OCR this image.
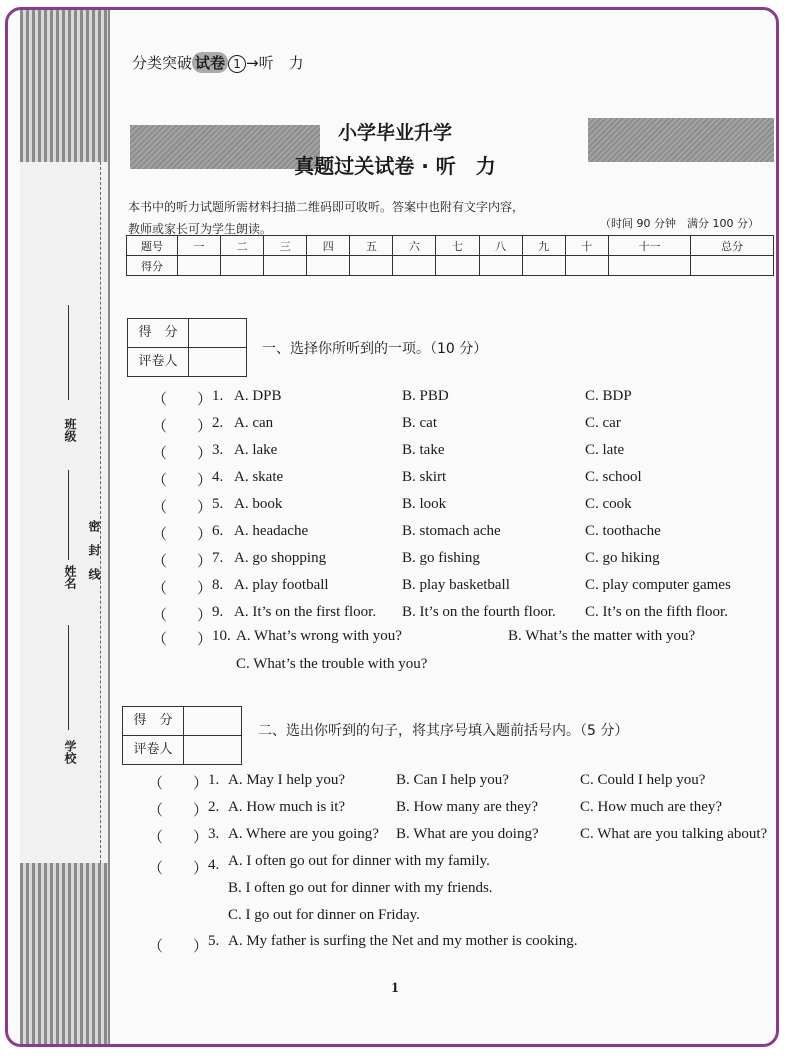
班级
姓名 密　封　线
学校
分类突破 试卷 1 →听　力
小学毕业升学
真题过关试卷 · 听　力
本书中的听力试题所需材料扫描二维码即可收听。答案中也附有文字内容，
教师或家长可为学生朗读。	（时间 90 分钟　满分 100 分）
题号	一	二	三	四	五	六	七	八	九	十	十一	总分
得分												
得　分
评卷人
一、选择你所听到的一项。（10 分）
（　　） 1. A. DPB	B. PBD	C. BDP
（　　） 2. A. can	B. cat	C. car
（　　） 3. A. lake	B. take	C. late
（　　） 4. A. skate	B. skirt	C. school
（　　） 5. A. book	B. look	C. cook
（　　） 6. A. headache	B. stomach ache	C. toothache
（　　） 7. A. go shopping	B. go fishing	C. go hiking
（　　） 8. A. play football	B. play basketball	C. play computer games
（　　） 9. A. It’s on the first floor. B. It’s on the fourth floor. C. It’s on the fifth floor.
（　　） 10. A. What’s wrong with you?	B. What’s the matter with you?
C. What’s the trouble with you?
得　分
评卷人
二、选出你听到的句子，将其序号填入题前括号内。（5 分）
（　　） 1. A. May I help you?	B. Can I help you?	C. Could I help you?
（　　） 2. A. How much is it?	B. How many are they?	C. How much are they?
（　　） 3. A. Where are you going? B. What are you doing?	C. What are you talking about?
（　　） 4. A. I often go out for dinner with my family.
B. I often go out for dinner with my friends.
C. I go out for dinner on Friday.
（　　） 5. A. My father is surfing the Net and my mother is cooking.
1
